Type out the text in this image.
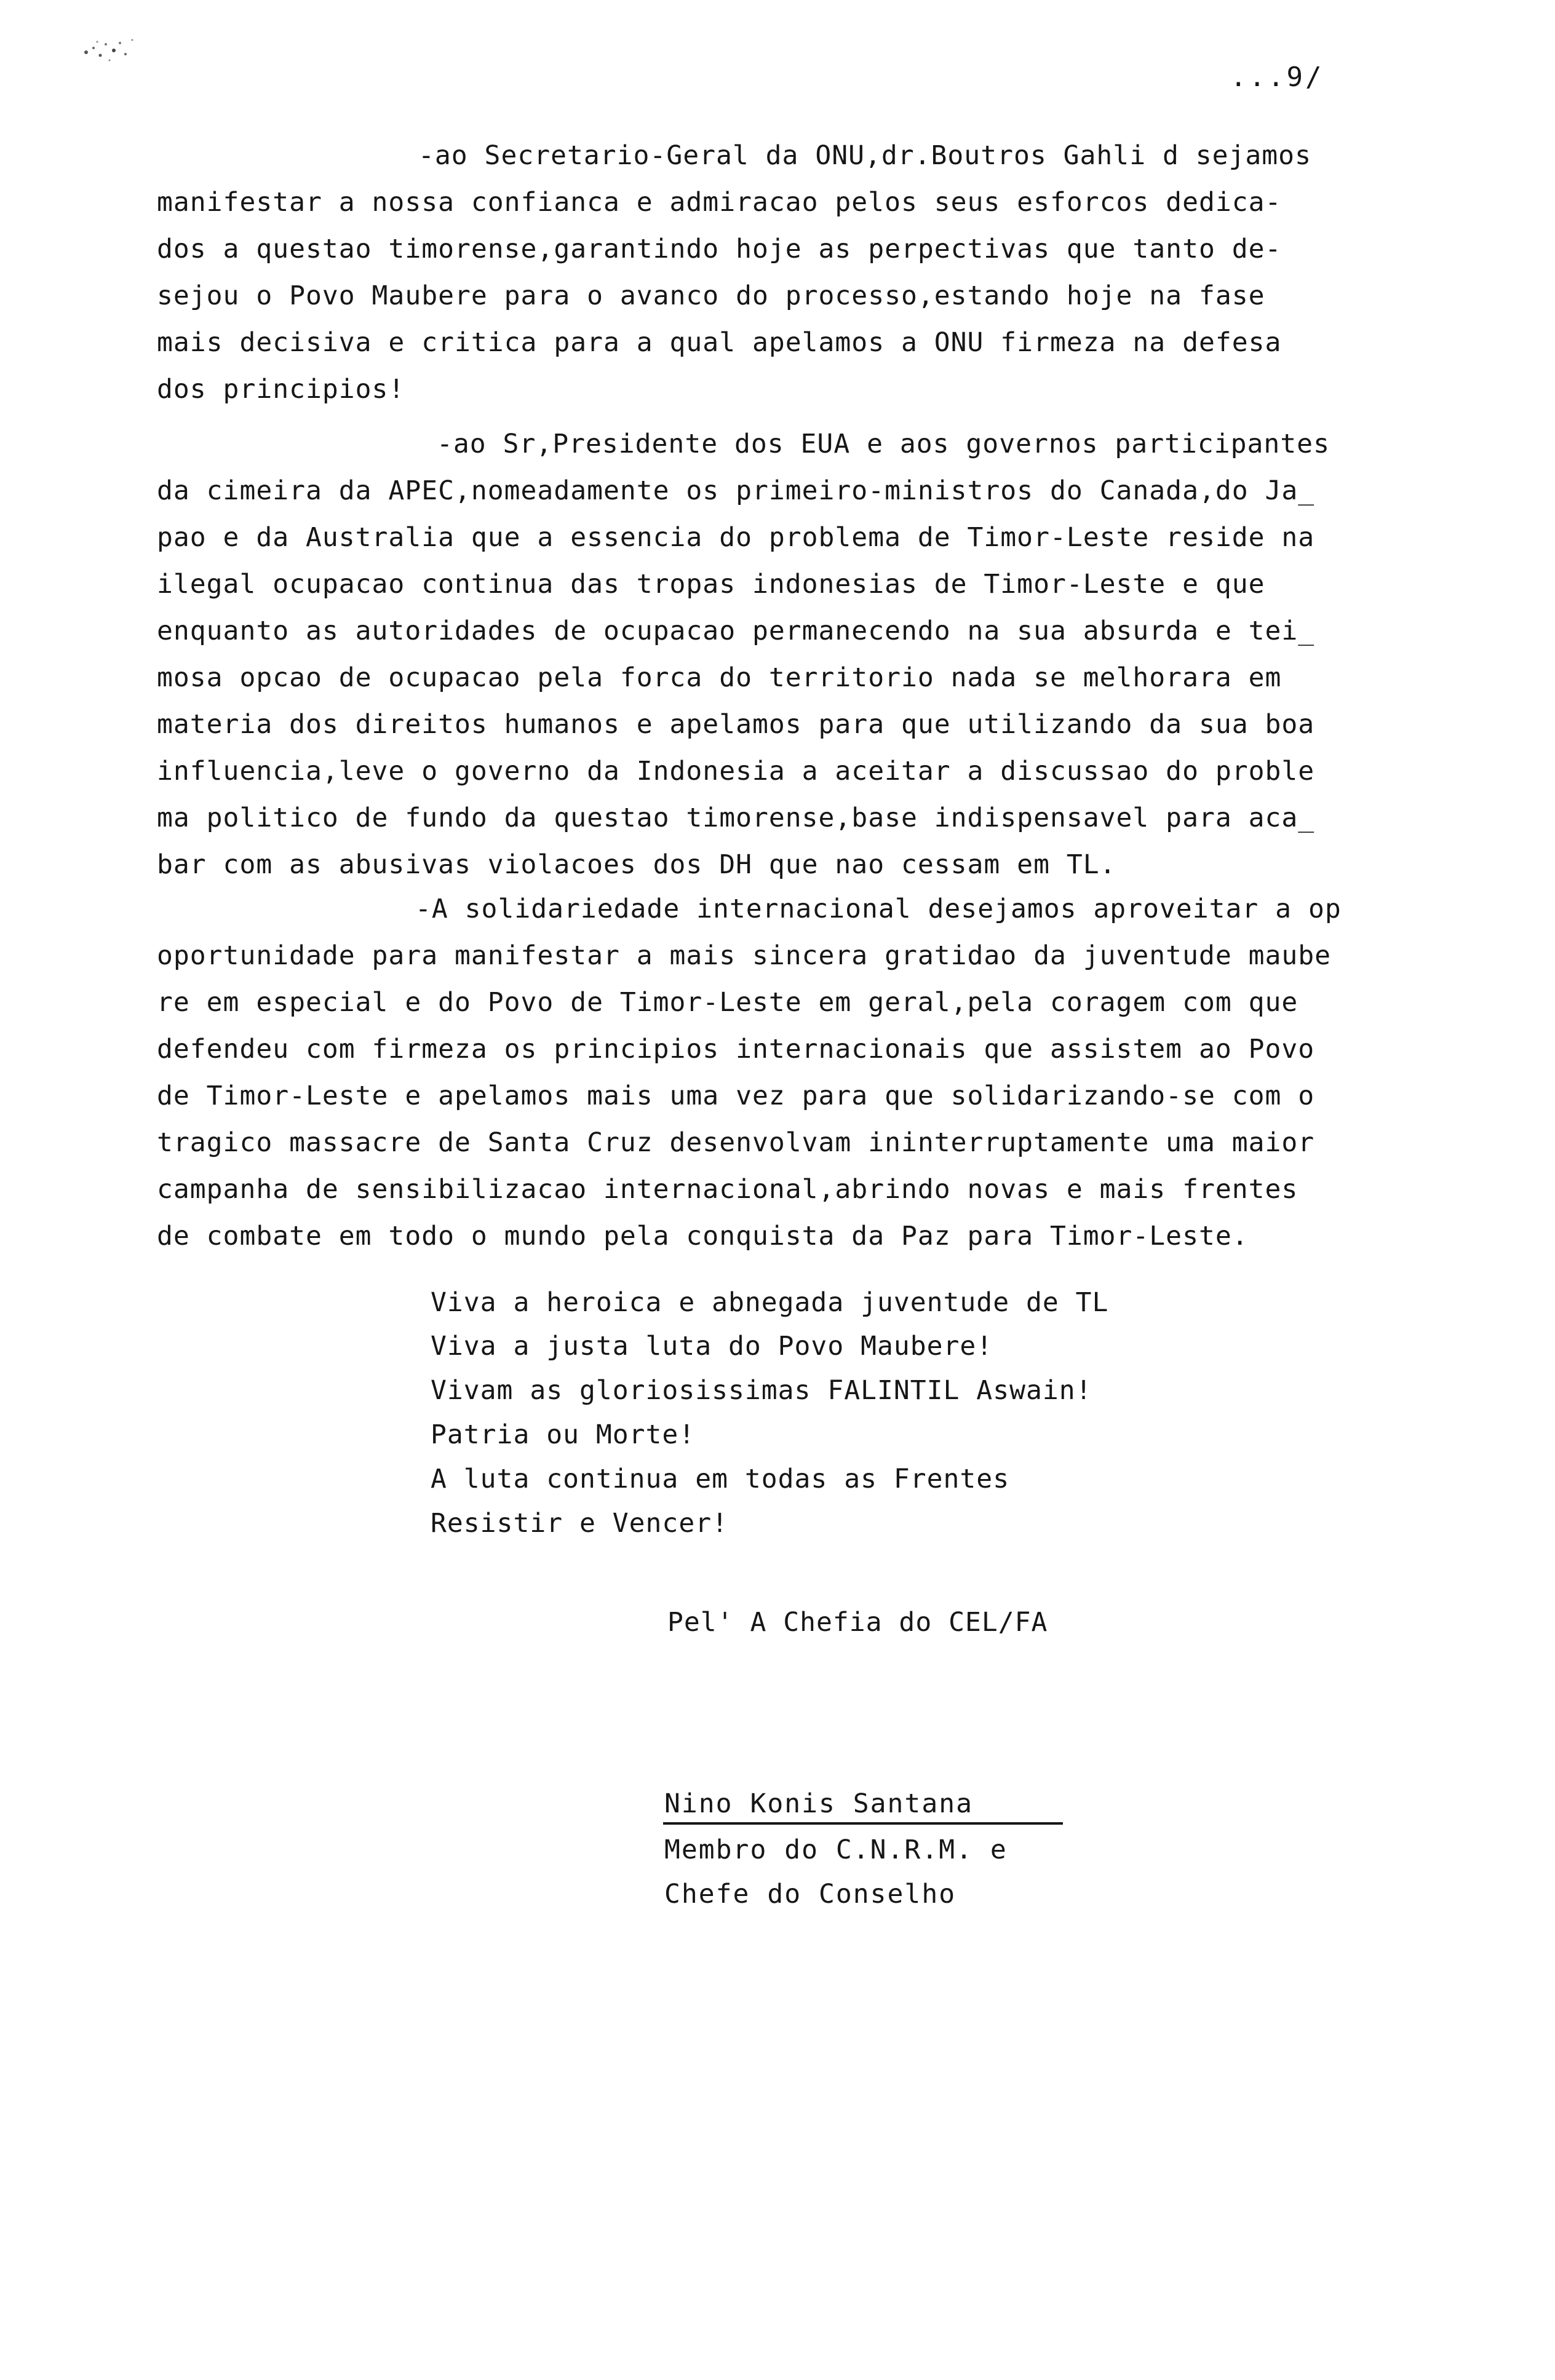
...9/
-ao Secretario-Geral da ONU,dr.Boutros Gahli d sejamos
manifestar a nossa confianca e admiracao pelos seus esforcos dedica-
dos a questao timorense,garantindo hoje as perpectivas que tanto de-
sejou o Povo Maubere para o avanco do processo,estando hoje na fase
mais decisiva e critica para a qual apelamos a ONU firmeza na defesa
dos principios!
-ao Sr,Presidente dos EUA e aos governos participantes
da cimeira da APEC,nomeadamente os primeiro-ministros do Canada,do Ja_
pao e da Australia que a essencia do problema de Timor-Leste reside na
ilegal ocupacao continua das tropas indonesias de Timor-Leste e que
enquanto as autoridades de ocupacao permanecendo na sua absurda e tei_
mosa opcao de ocupacao pela forca do territorio nada se melhorara em
materia dos direitos humanos e apelamos para que utilizando da sua boa
influencia,leve o governo da Indonesia a aceitar a discussao do proble
ma politico de fundo da questao timorense,base indispensavel para aca_
bar com as abusivas violacoes dos DH que nao cessam em TL.
-A solidariedade internacional desejamos aproveitar a op
oportunidade para manifestar a mais sincera gratidao da juventude maube
re em especial e do Povo de Timor-Leste em geral,pela coragem com que
defendeu com firmeza os principios internacionais que assistem ao Povo
de Timor-Leste e apelamos mais uma vez para que solidarizando-se com o
tragico massacre de Santa Cruz desenvolvam ininterruptamente uma maior
campanha de sensibilizacao internacional,abrindo novas e mais frentes
de combate em todo o mundo pela conquista da Paz para Timor-Leste.
Viva a heroica e abnegada juventude de TL
Viva a justa luta do Povo Maubere!
Vivam as gloriosissimas FALINTIL Aswain!
Patria ou Morte!
A luta continua em todas as Frentes
Resistir e Vencer!
Pel' A Chefia do CEL/FA
Nino Konis Santana
Membro do C.N.R.M. e
Chefe do Conselho
